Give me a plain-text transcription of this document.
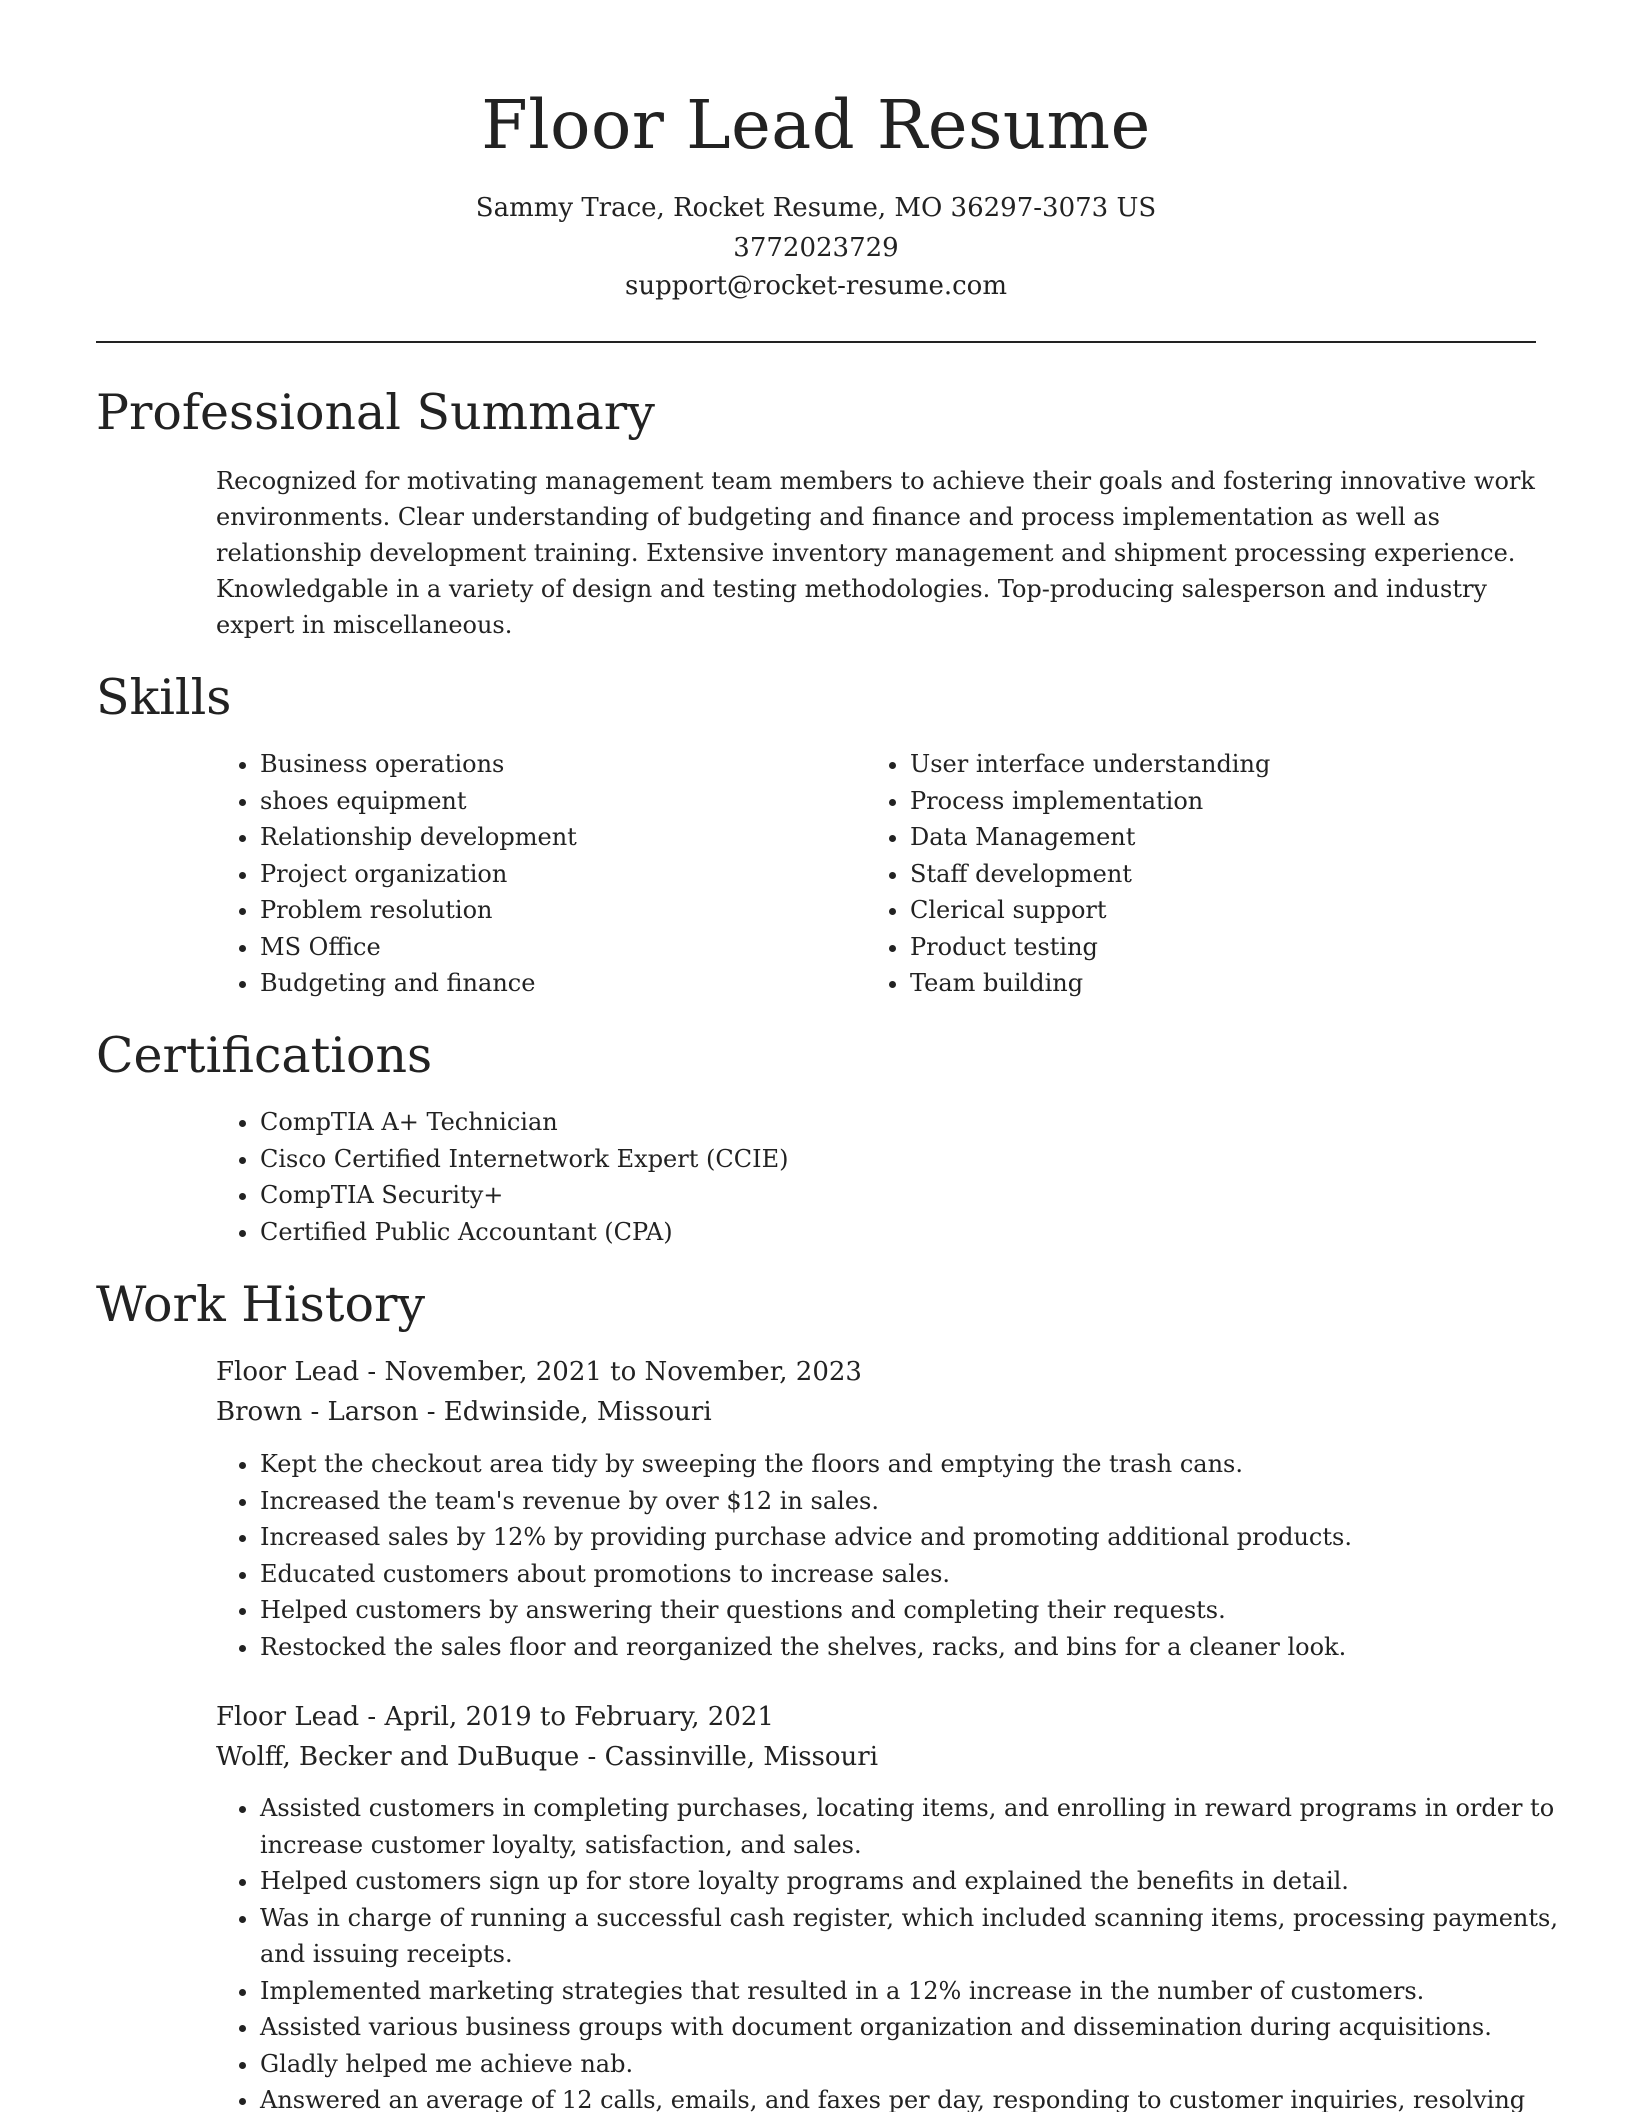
Floor Lead Resume
Sammy Trace, Rocket Resume, MO 36297-3073 US
3772023729
support@rocket-resume.com
Professional Summary

Recognized for motivating management team members to achieve their goals and fostering innovative work environments. Clear understanding of budgeting and finance and process implementation as well as relationship development training. Extensive inventory management and shipment processing experience. Knowledgable in a variety of design and testing methodologies. Top-producing salesperson and industry expert in miscellaneous.

Skills
• Business operations
• shoes equipment
• Relationship development
• Project organization
• Problem resolution
• MS Office
• Budgeting and finance
• User interface understanding
• Process implementation
• Data Management
• Staff development
• Clerical support
• Product testing
• Team building
Certifications
• CompTIA A+ Technician
• Cisco Certified Internetwork Expert (CCIE)
• CompTIA Security+
• Certified Public Accountant (CPA)
Work History
Floor Lead - November, 2021 to November, 2023
Brown - Larson - Edwinside, Missouri
• Kept the checkout area tidy by sweeping the floors and emptying the trash cans.
• Increased the team's revenue by over $12 in sales.
• Increased sales by 12% by providing purchase advice and promoting additional products.
• Educated customers about promotions to increase sales.
• Helped customers by answering their questions and completing their requests.
• Restocked the sales floor and reorganized the shelves, racks, and bins for a cleaner look.
Floor Lead - April, 2019 to February, 2021
Wolff, Becker and DuBuque - Cassinville, Missouri
• Assisted customers in completing purchases, locating items, and enrolling in reward programs in order to increase customer loyalty, satisfaction, and sales.
• Helped customers sign up for store loyalty programs and explained the benefits in detail.
• Was in charge of running a successful cash register, which included scanning items, processing payments, and issuing receipts.
• Implemented marketing strategies that resulted in a 12% increase in the number of customers.
• Assisted various business groups with document organization and dissemination during acquisitions.
• Gladly helped me achieve nab.
• Answered an average of 12 calls, emails, and faxes per day, responding to customer inquiries, resolving
